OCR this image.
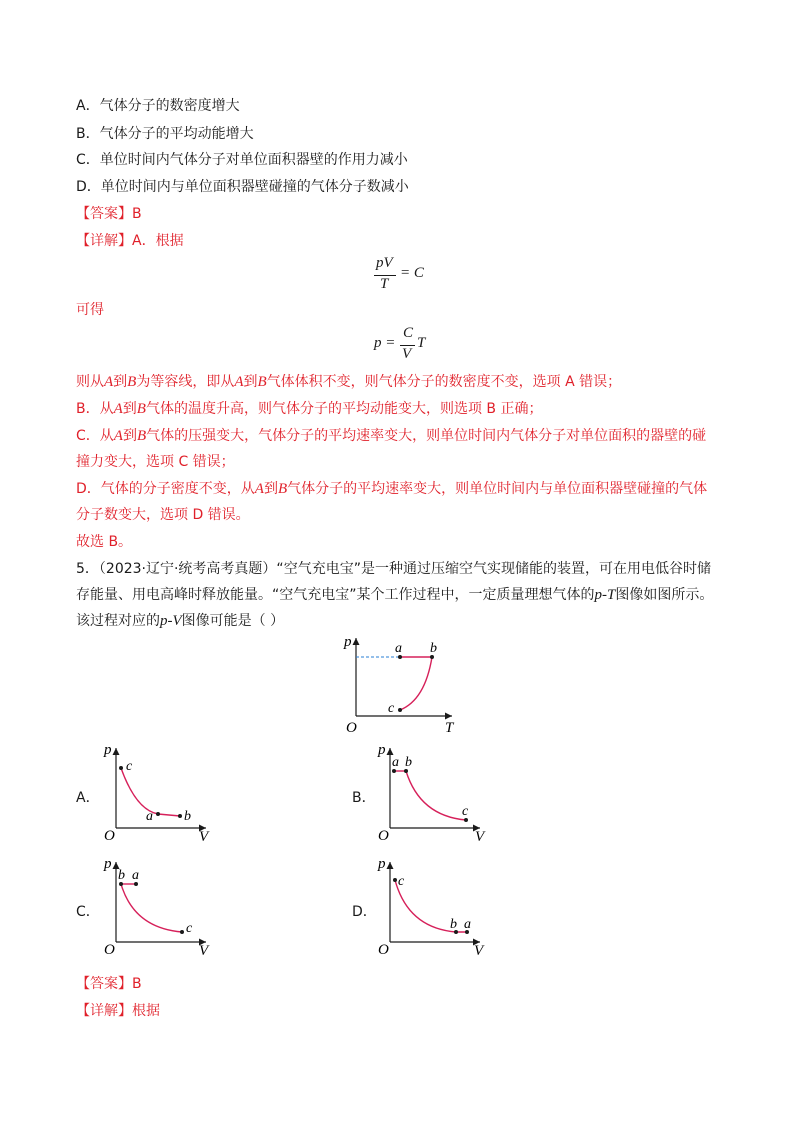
A．气体分子的数密度增大
B．气体分子的平均动能增大
C．单位时间内气体分子对单位面积器壁的作用力减小
D．单位时间内与单位面积器壁碰撞的气体分子数减小
【答案】B
【详解】A．根据
pV
T
= C
可得
p =
C
V
T
则从A到B为等容线，即从A到B气体体积不变，则气体分子的数密度不变，选项 A 错误；
B．从A到B气体的温度升高，则气体分子的平均动能变大，则选项 B 正确；
C．从A到B气体的压强变大，气体分子的平均速率变大，则单位时间内气体分子对单位面积的器壁的碰
撞力变大，选项 C 错误；
D．气体的分子密度不变，从A到B气体分子的平均速率变大，则单位时间内与单位面积器壁碰撞的气体
分子数变大，选项 D 错误。
故选 B。
5．（2023·辽宁·统考高考真题）“空气充电宝”是一种通过压缩空气实现储能的装置，可在用电低谷时储
存能量、用电高峰时释放能量。“空气充电宝”某个工作过程中，一定质量理想气体的p-T图像如图所示。
该过程对应的p-V图像可能是（ ）
p	a b
c
O	T
A．
p
c
a b
O	V
B．
p
a b
c
O	V
C．
p
b a
c
O	V
D．
p
c
b a
O	V
【答案】B
【详解】根据
